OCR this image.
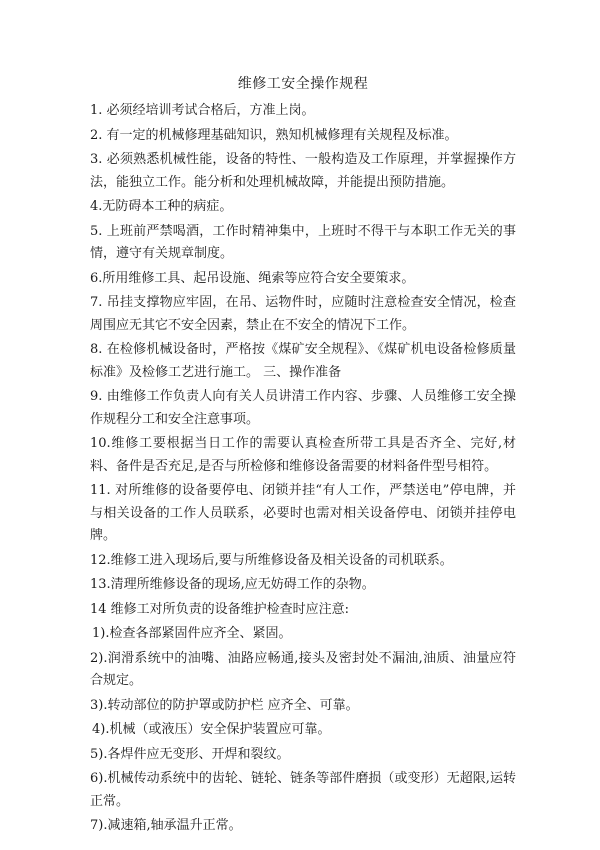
维修工安全操作规程

1. 必须经培训考试合格后，方准上岗。

2. 有一定的机械修理基础知识，熟知机械修理有关规程及标准。

3. 必须熟悉机械性能，设备的特性、一般构造及工作原理，并掌握操作方法，能独立工作。能分析和处理机械故障，并能提出预防措施。

4.无防碍本工种的病症。

5. 上班前严禁喝酒，工作时精神集中，上班时不得干与本职工作无关的事情，遵守有关规章制度。

6.所用维修工具、起吊设施、绳索等应符合安全要策求。

7. 吊挂支撑物应牢固，在吊、运物件时，应随时注意检查安全情况，检查周围应无其它不安全因素，禁止在不安全的情况下工作。

8. 在检修机械设备时，严格按《煤矿安全规程》、《煤矿机电设备检修质量标准》及检修工艺进行施工。 三、操作准备

9. 由维修工作负责人向有关人员讲清工作内容、步骤、人员维修工安全操作规程分工和安全注意事项。

10.维修工要根据当日工作的需要认真检查所带工具是否齐全、完好,材料、备件是否充足,是否与所检修和维修设备需要的材料备件型号相符。

11. 对所维修的设备要停电、闭锁并挂“有人工作，严禁送电”停电牌，并与相关设备的工作人员联系，必要时也需对相关设备停电、闭锁并挂停电牌。

12.维修工进入现场后,要与所维修设备及相关设备的司机联系。

13.清理所维修设备的现场,应无妨碍工作的杂物。

14 维修工对所负责的设备维护检查时应注意:

1).检查各部紧固件应齐全、紧固。

2).润滑系统中的油嘴、油路应畅通,接头及密封处不漏油,油质、油量应符合规定。

3).转动部位的防护罩或防护栏 应齐全、可靠。

4).机械（或液压）安全保护装置应可靠。

5).各焊件应无变形、开焊和裂纹。

6).机械传动系统中的齿轮、链轮、链条等部件磨损（或变形）无超限,运转正常。

7).减速箱,轴承温升正常。
